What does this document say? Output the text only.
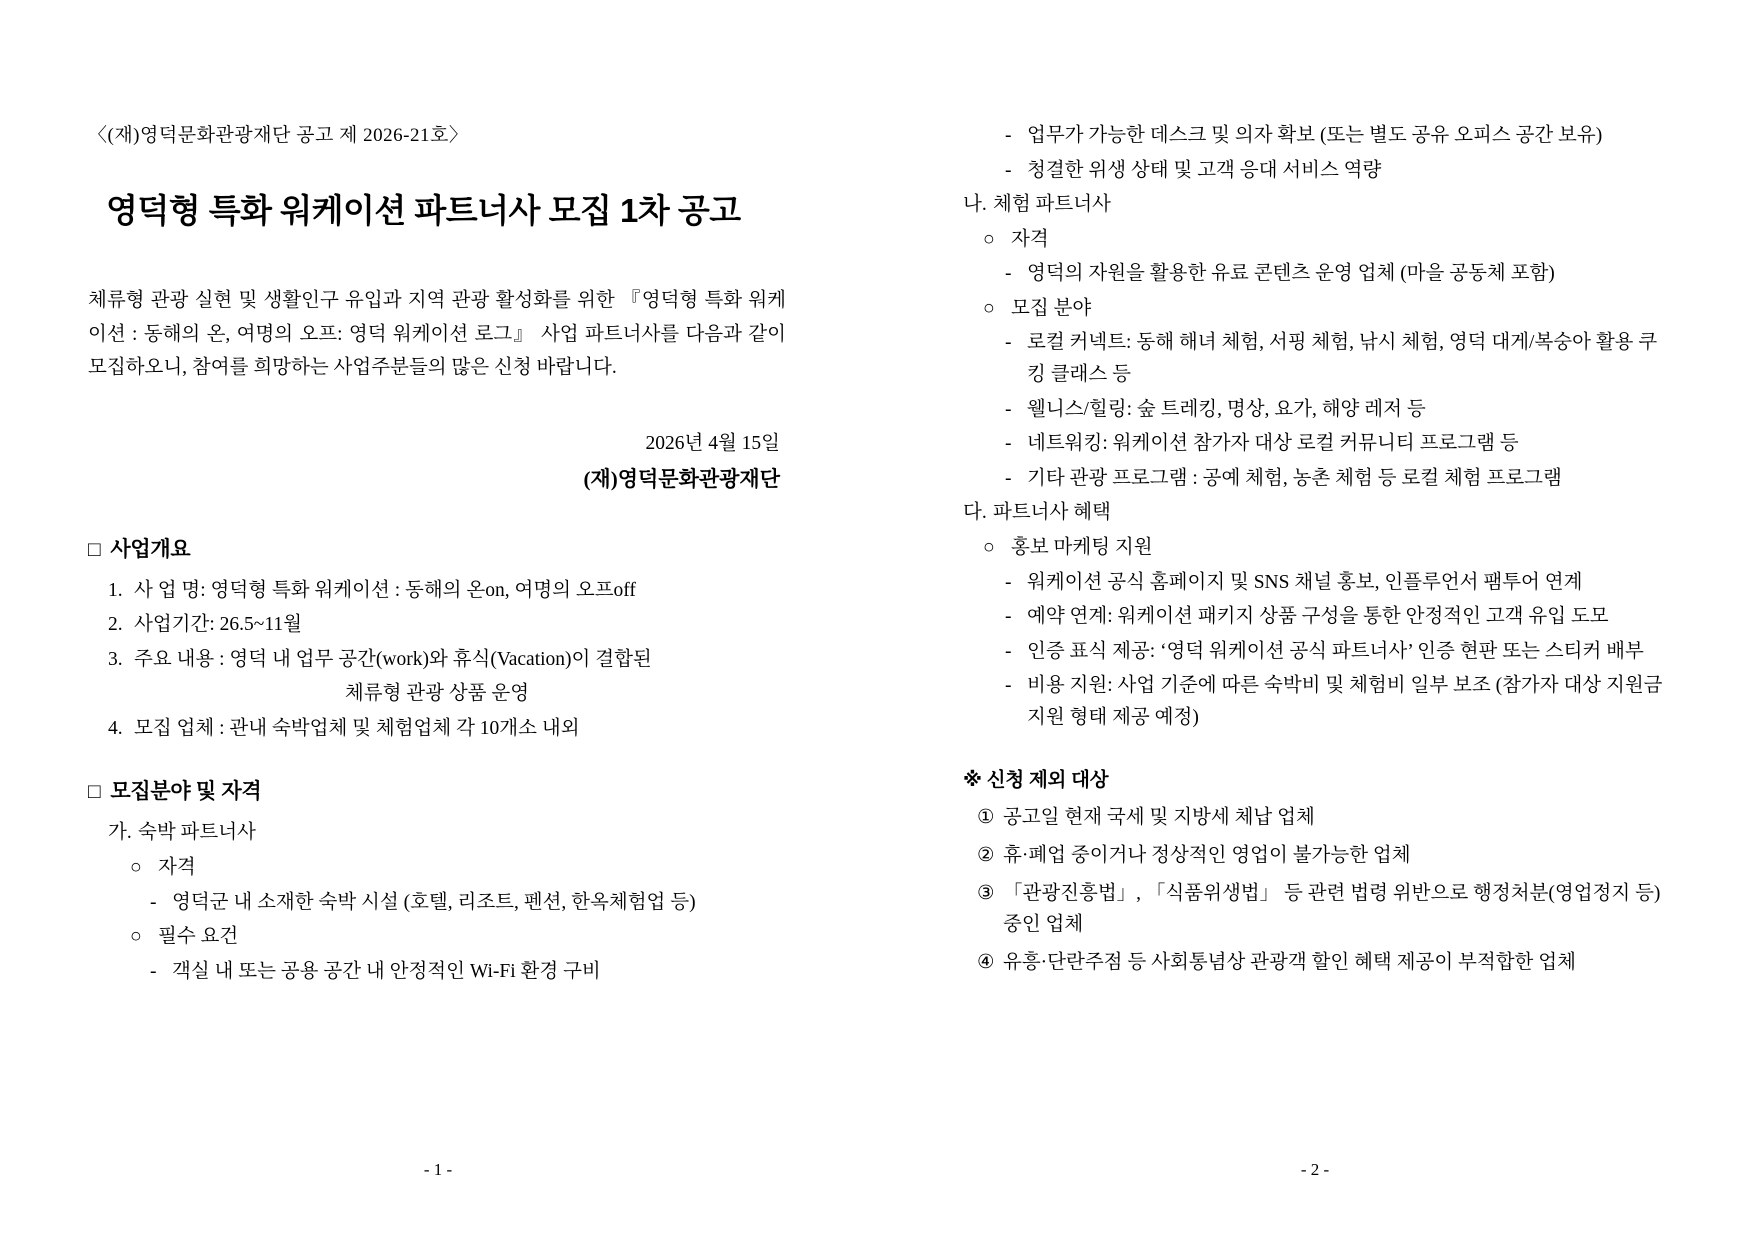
〈(재)영덕문화관광재단 공고 제 2026-21호〉
영덕형 특화 워케이션 파트너사 모집 1차 공고

체류형 관광 실현 및 생활인구 유입과 지역 관광 활성화를 위한 『영덕형 특화 워케이션 : 동해의 온, 여명의 오프: 영덕 워케이션 로그』 사업 파트너사를 다음과 같이 모집하오니, 참여를 희망하는 사업주분들의 많은 신청 바랍니다.

2026년 4월 15일
(재)영덕문화관광재단
□ 사업개요
1. 사 업 명: 영덕형 특화 워케이션 : 동해의 온on, 여명의 오프off
2. 사업기간: 26.5~11월
3. 주요 내용 : 영덕 내 업무 공간(work)와 휴식(Vacation)이 결합된
체류형 관광 상품 운영
4. 모집 업체 : 관내 숙박업체 및 체험업체 각 10개소 내외
□ 모집분야 및 자격
가. 숙박 파트너사
○ 자격
- 영덕군 내 소재한 숙박 시설 (호텔, 리조트, 펜션, 한옥체험업 등)
○ 필수 요건
- 객실 내 또는 공용 공간 내 안정적인 Wi-Fi 환경 구비
- 1 -
- 업무가 가능한 데스크 및 의자 확보 (또는 별도 공유 오피스 공간 보유)
- 청결한 위생 상태 및 고객 응대 서비스 역량
나. 체험 파트너사
○ 자격
- 영덕의 자원을 활용한 유료 콘텐츠 운영 업체 (마을 공동체 포함)
○ 모집 분야
- 로컬 커넥트: 동해 해녀 체험, 서핑 체험, 낚시 체험, 영덕 대게/복숭아 활용 쿠킹 클래스 등
- 웰니스/힐링: 숲 트레킹, 명상, 요가, 해양 레저 등
- 네트워킹: 워케이션 참가자 대상 로컬 커뮤니티 프로그램 등
- 기타 관광 프로그램 : 공예 체험, 농촌 체험 등 로컬 체험 프로그램
다. 파트너사 혜택
○ 홍보 마케팅 지원
- 워케이션 공식 홈페이지 및 SNS 채널 홍보, 인플루언서 팸투어 연계
- 예약 연계: 워케이션 패키지 상품 구성을 통한 안정적인 고객 유입 도모
- 인증 표식 제공: ‘영덕 워케이션 공식 파트너사’ 인증 현판 또는 스티커 배부
- 비용 지원: 사업 기준에 따른 숙박비 및 체험비 일부 보조 (참가자 대상 지원금 지원 형태 제공 예정)
※ 신청 제외 대상
① 공고일 현재 국세 및 지방세 체납 업체
② 휴·폐업 중이거나 정상적인 영업이 불가능한 업체
③ 「관광진흥법」, 「식품위생법」 등 관련 법령 위반으로 행정처분(영업정지 등) 중인 업체
④ 유흥·단란주점 등 사회통념상 관광객 할인 혜택 제공이 부적합한 업체
- 2 -
